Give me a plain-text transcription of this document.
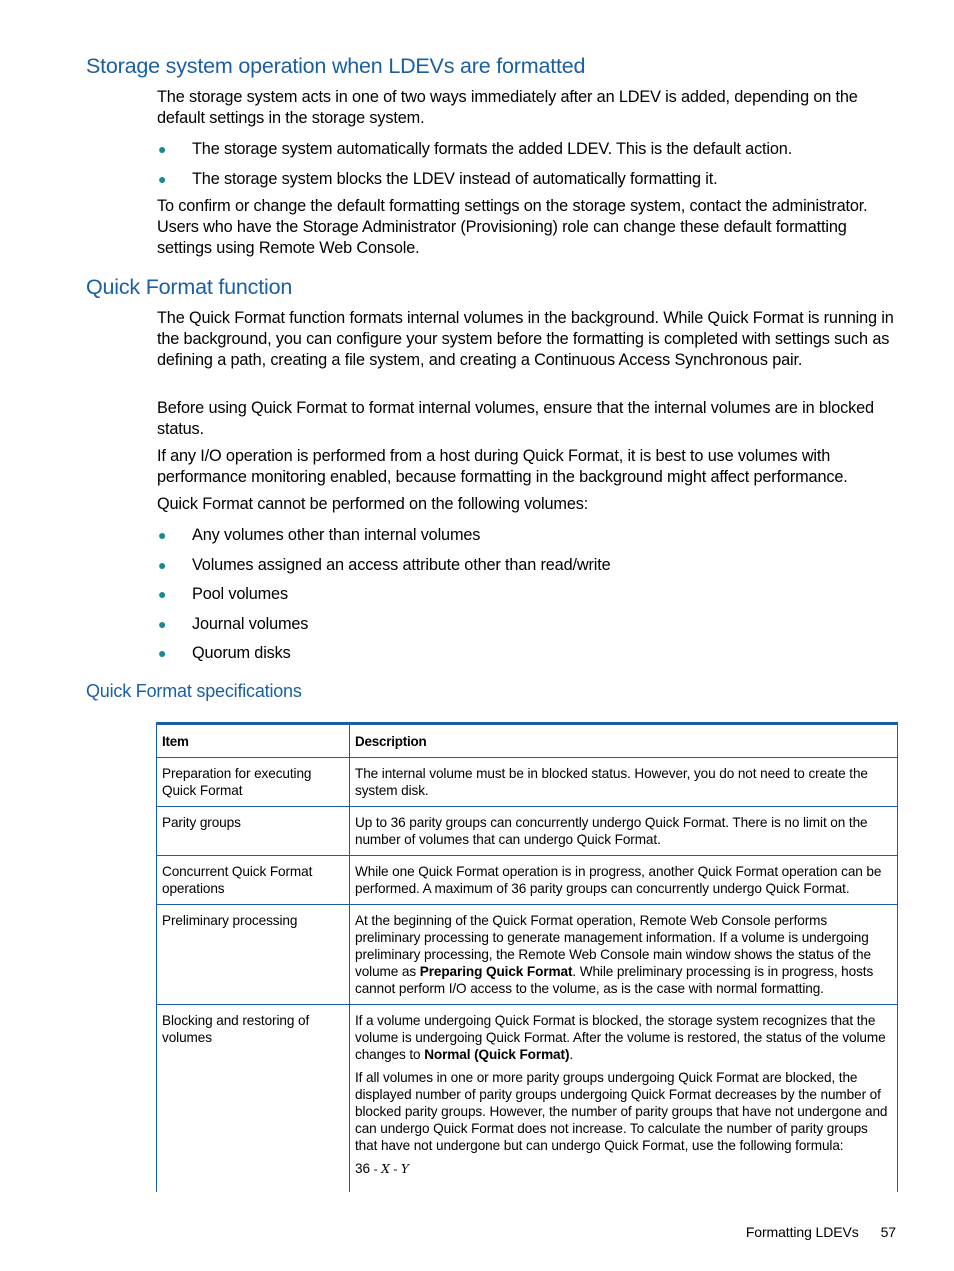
Storage system operation when LDEVs are formatted

The storage system acts in one of two ways immediately after an LDEV is added, depending on the default settings in the storage system.

● The storage system automatically formats the added LDEV. This is the default action.
● The storage system blocks the LDEV instead of automatically formatting it.

To confirm or change the default formatting settings on the storage system, contact the administrator. Users who have the Storage Administrator (Provisioning) role can change these default formatting settings using Remote Web Console.

Quick Format function

The Quick Format function formats internal volumes in the background. While Quick Format is running in the background, you can configure your system before the formatting is completed with settings such as defining a path, creating a file system, and creating a Continuous Access Synchronous pair.

Before using Quick Format to format internal volumes, ensure that the internal volumes are in blocked status.

If any I/O operation is performed from a host during Quick Format, it is best to use volumes with performance monitoring enabled, because formatting in the background might affect performance.

Quick Format cannot be performed on the following volumes:

● Any volumes other than internal volumes
● Volumes assigned an access attribute other than read/write
● Pool volumes
● Journal volumes
● Quorum disks
Quick Format specifications
Item	Description
Preparation for executing Quick Format	The internal volume must be in blocked status. However, you do not need to create the system disk.
Parity groups	Up to 36 parity groups can concurrently undergo Quick Format. There is no limit on the number of volumes that can undergo Quick Format.
Concurrent Quick Format operations	While one Quick Format operation is in progress, another Quick Format operation can be performed. A maximum of 36 parity groups can concurrently undergo Quick Format.
Preliminary processing	At the beginning of the Quick Format operation, Remote Web Console performs preliminary processing to generate management information. If a volume is undergoing preliminary processing, the Remote Web Console main window shows the status of the volume as Preparing Quick Format. While preliminary processing is in progress, hosts cannot perform I/O access to the volume, as is the case with normal formatting.
Blocking and restoring of volumes	If a volume undergoing Quick Format is blocked, the storage system recognizes that the volume is undergoing Quick Format. After the volume is restored, the status of the volume changes to Normal (Quick Format).

If all volumes in one or more parity groups undergoing Quick Format are blocked, the displayed number of parity groups undergoing Quick Format decreases by the number of blocked parity groups. However, the number of parity groups that have not undergone and can undergo Quick Format does not increase. To calculate the number of parity groups that have not undergone but can undergo Quick Format, use the following formula:

36 - X - Y

Formatting LDEVs 57
